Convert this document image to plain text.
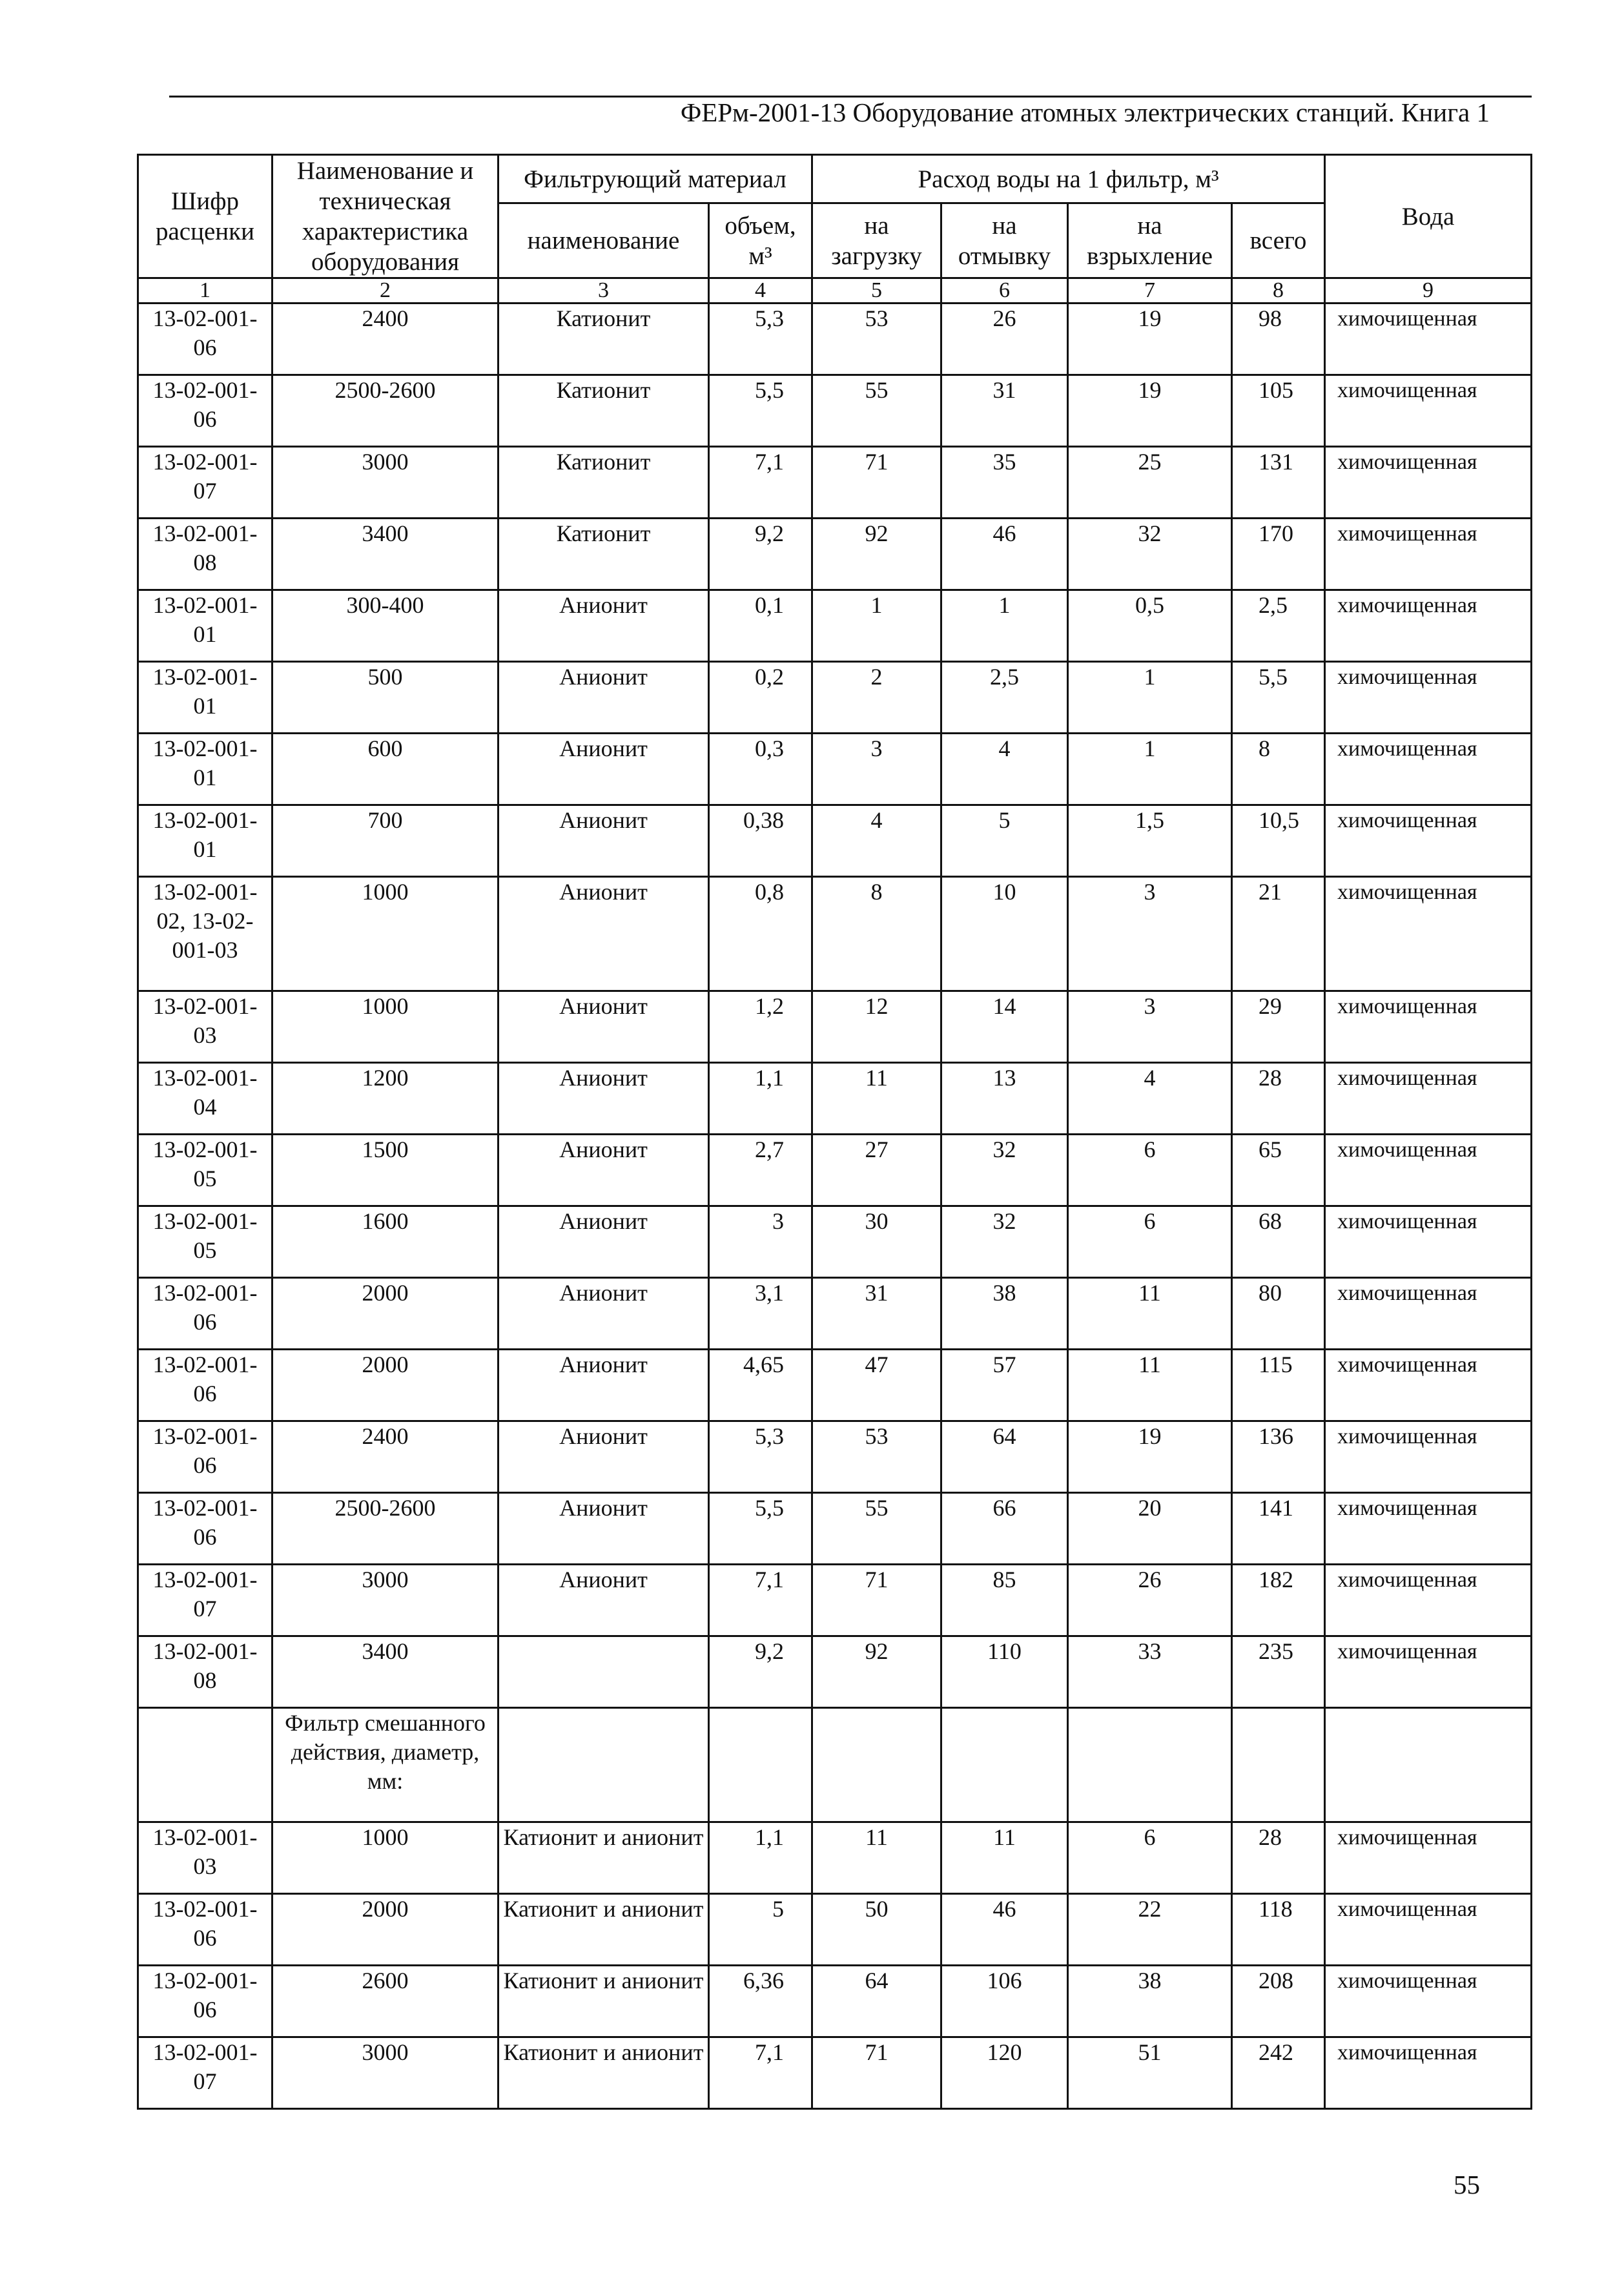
ФЕРм-2001-13 Оборудование атомных электрических станций. Книга 1
Шифр расценки	Наименование и техническая характеристика оборудования	Фильтрующий материал		Расход воды на 1 фильтр, м³				Вода
		наименование	объем, м³	на загрузку	на отмывку	на взрыхление	всего	
1	2	3	4	5	6	7	8	9
13-02-001-06	2400	Катионит	5,3	53	26	19	98	химочищенная
13-02-001-06	2500-2600	Катионит	5,5	55	31	19	105	химочищенная
13-02-001-07	3000	Катионит	7,1	71	35	25	131	химочищенная
13-02-001-08	3400	Катионит	9,2	92	46	32	170	химочищенная
13-02-001-01	300-400	Анионит	0,1	1	1	0,5	2,5	химочищенная
13-02-001-01	500	Анионит	0,2	2	2,5	1	5,5	химочищенная
13-02-001-01	600	Анионит	0,3	3	4	1	8	химочищенная
13-02-001-01	700	Анионит	0,38	4	5	1,5	10,5	химочищенная
13-02-001-02, 13-02-001-03	1000	Анионит	0,8	8	10	3	21	химочищенная
13-02-001-03	1000	Анионит	1,2	12	14	3	29	химочищенная
13-02-001-04	1200	Анионит	1,1	11	13	4	28	химочищенная
13-02-001-05	1500	Анионит	2,7	27	32	6	65	химочищенная
13-02-001-05	1600	Анионит	3	30	32	6	68	химочищенная
13-02-001-06	2000	Анионит	3,1	31	38	11	80	химочищенная
13-02-001-06	2000	Анионит	4,65	47	57	11	115	химочищенная
13-02-001-06	2400	Анионит	5,3	53	64	19	136	химочищенная
13-02-001-06	2500-2600	Анионит	5,5	55	66	20	141	химочищенная
13-02-001-07	3000	Анионит	7,1	71	85	26	182	химочищенная
13-02-001-08	3400		9,2	92	110	33	235	химочищенная
	Фильтр смешанного действия, диаметр, мм:							
13-02-001-03	1000	Катионит и анионит	1,1	11	11	6	28	химочищенная
13-02-001-06	2000	Катионит и анионит	5	50	46	22	118	химочищенная
13-02-001-06	2600	Катионит и анионит	6,36	64	106	38	208	химочищенная
13-02-001-07	3000	Катионит и анионит	7,1	71	120	51	242	химочищенная
55
